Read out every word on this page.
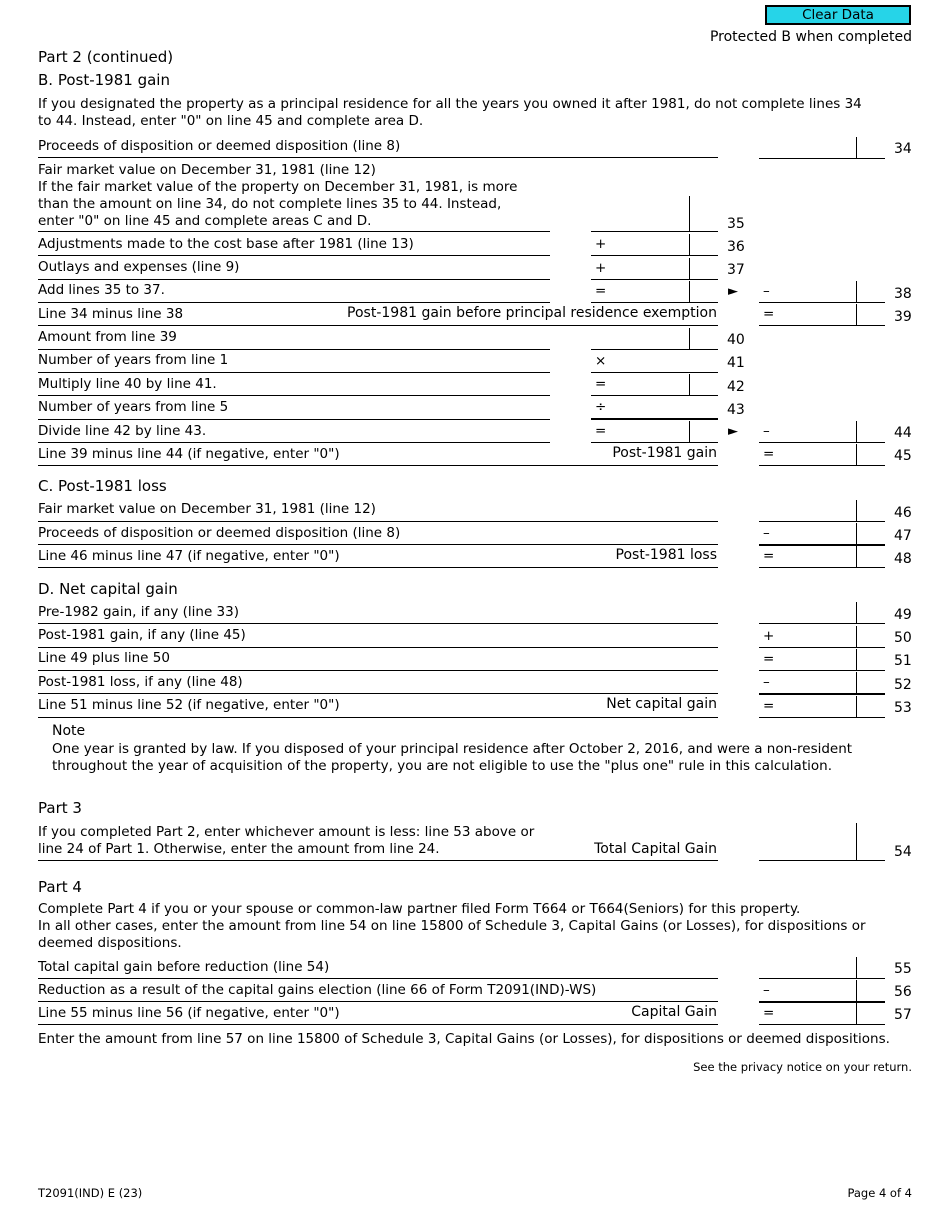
Clear Data
Protected B when completed
Part 2 (continued)
B. Post-1981 gain
If you designated the property as a principal residence for all the years you owned it after 1981, do not complete lines 34 to 44. Instead, enter "0" on line 45 and complete area D.
Proceeds of disposition or deemed disposition (line 8)	34
Fair market value on December 31, 1981 (line 12)
If the fair market value of the property on December 31, 1981, is more than the amount on line 34, do not complete lines 35 to 44. Instead, enter "0" on line 45 and complete areas C and D.	35
Adjustments made to the cost base after 1981 (line 13)	+	36
Outlays and expenses (line 9)	+	37
Add lines 35 to 37.	=	► –	38
Line 34 minus line 38	Post-1981 gain before principal residence exemption	=	39
Amount from line 39	40
Number of years from line 1	×	41
Multiply line 40 by line 41.	=	42
Number of years from line 5	÷	43
Divide line 42 by line 43.	=	► –	44
Line 39 minus line 44 (if negative, enter "0")	Post-1981 gain	=	45
C. Post-1981 loss
Fair market value on December 31, 1981 (line 12)	46
Proceeds of disposition or deemed disposition (line 8)	–	47
Line 46 minus line 47 (if negative, enter "0")	Post-1981 loss	=	48
D. Net capital gain
Pre-1982 gain, if any (line 33)	49
Post-1981 gain, if any (line 45)	+	50
Line 49 plus line 50	=	51
Post-1981 loss, if any (line 48)	–	52
Line 51 minus line 52 (if negative, enter "0")	Net capital gain	=	53
Note
One year is granted by law. If you disposed of your principal residence after October 2, 2016, and were a non-resident throughout the year of acquisition of the property, you are not eligible to use the "plus one" rule in this calculation.
Part 3
If you completed Part 2, enter whichever amount is less: line 53 above or line 24 of Part 1. Otherwise, enter the amount from line 24.	Total Capital Gain	54
Part 4
Complete Part 4 if you or your spouse or common-law partner filed Form T664 or T664(Seniors) for this property.
In all other cases, enter the amount from line 54 on line 15800 of Schedule 3, Capital Gains (or Losses), for dispositions or deemed dispositions.
Total capital gain before reduction (line 54)	55
Reduction as a result of the capital gains election (line 66 of Form T2091(IND)-WS)	–	56
Line 55 minus line 56 (if negative, enter "0")	Capital Gain	=	57
Enter the amount from line 57 on line 15800 of Schedule 3, Capital Gains (or Losses), for dispositions or deemed dispositions.
See the privacy notice on your return.
T2091(IND) E (23)	Page 4 of 4
